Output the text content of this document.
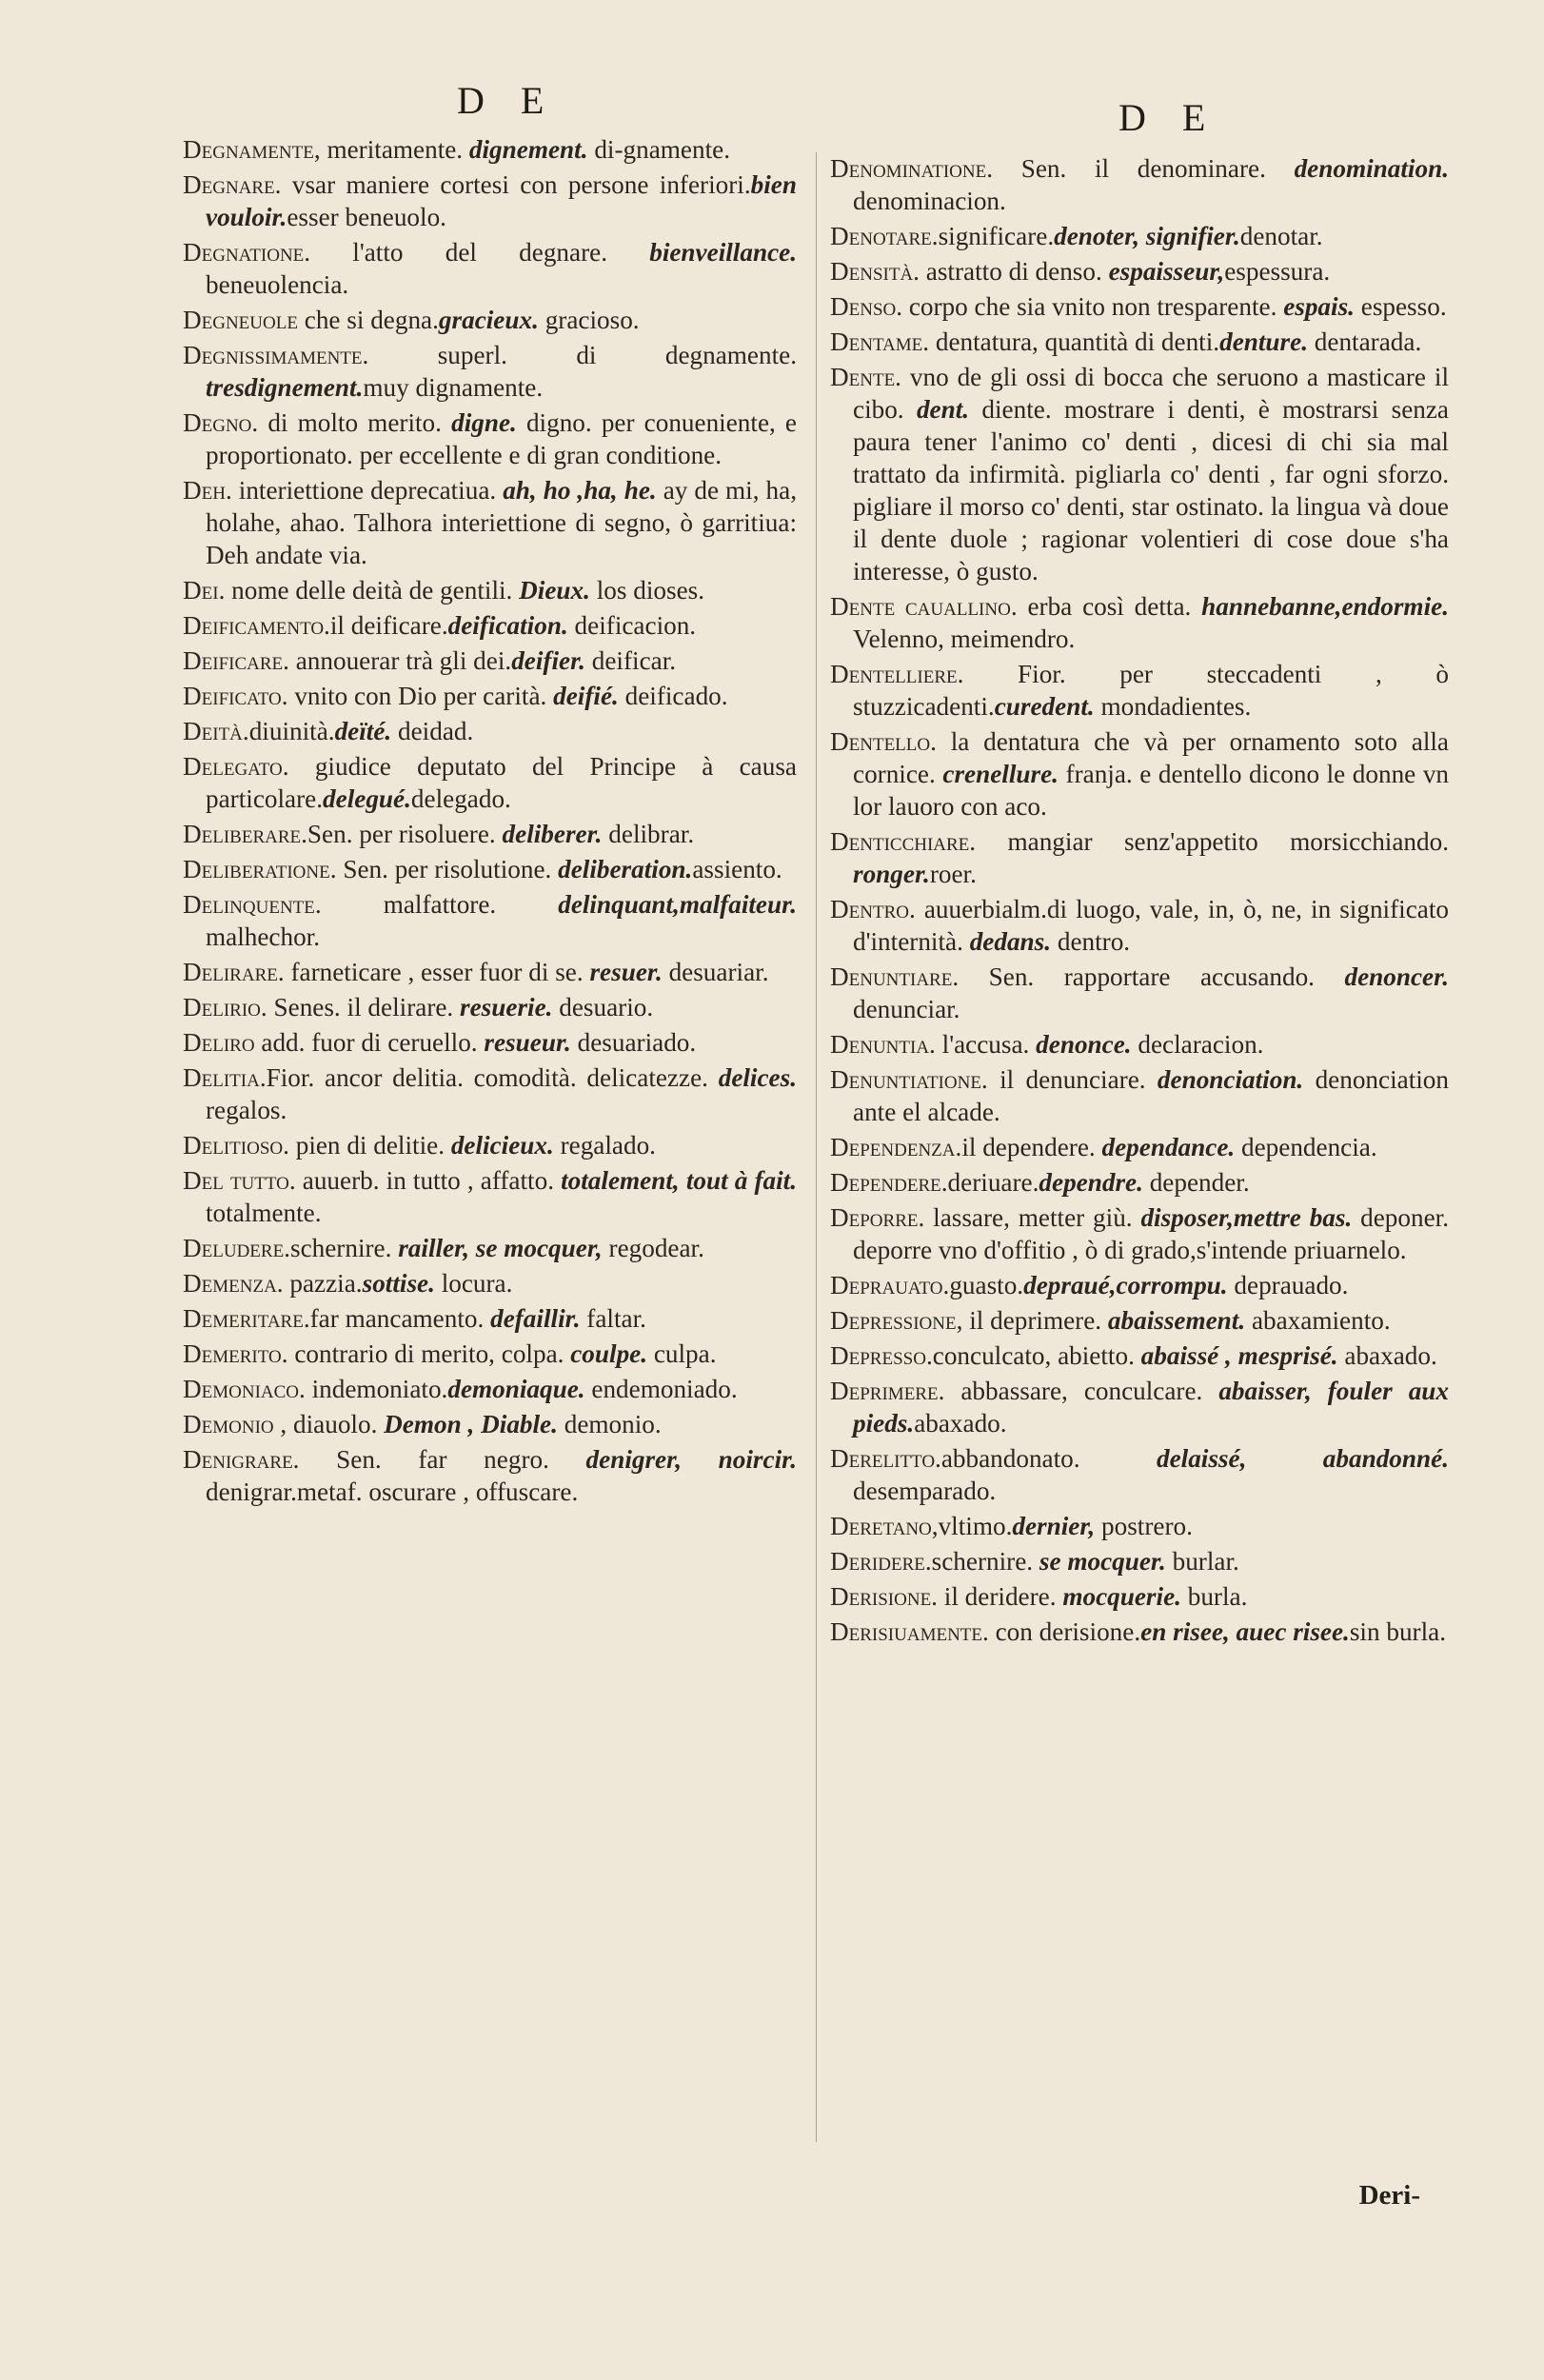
D E	D E

Degnamente, meritamente. dignement. di-gnamente.

Degnare. vsar maniere cortesi con persone inferiori.bien vouloir.esser beneuolo.

Degnatione. l'atto del degnare. bienveillance. beneuolencia.

Degneuole che si degna.gracieux. gracioso.

Degnissimamente. superl. di degnamente. tresdignement.muy dignamente.

Degno. di molto merito. digne. digno. per conueniente, e proportionato. per eccellente e di gran conditione.

Deh. interiettione deprecatiua. ah, ho ,ha, he. ay de mi, ha, holahe, ahao. Talhora interiettione di segno, ò garritiua: Deh andate via.

Dei. nome delle deità de gentili. Dieux. los dioses.

Deificamento.il deificare.deification. deificacion.

Deificare. annouerar trà gli dei.deifier. deificar.

Deificato. vnito con Dio per carità. deifié. deificado.

Deità.diuinità.deïté. deidad.

Delegato. giudice deputato del Principe à causa particolare.delegué.delegado.

Deliberare.Sen. per risoluere. deliberer. delibrar.

Deliberatione. Sen. per risolutione. deliberation.assiento.

Delinquente. malfattore. delinquant,malfaiteur. malhechor.

Delirare. farneticare , esser fuor di se. resuer. desuariar.

Delirio. Senes. il delirare. resuerie. desuario.

Deliro add. fuor di ceruello. resueur. desuariado.

Delitia.Fior. ancor delitia. comodità. delicatezze. delices. regalos.

Delitioso. pien di delitie. delicieux. regalado.

Del tutto. auuerb. in tutto , affatto. totalement, tout à fait. totalmente.

Deludere.schernire. railler, se mocquer, regodear.

Demenza. pazzia.sottise. locura.

Demeritare.far mancamento. defaillir. faltar.

Demerito. contrario di merito, colpa. coulpe. culpa.

Demoniaco. indemoniato.demoniaque. endemoniado.

Demonio , diauolo. Demon , Diable. demonio.

Denigrare. Sen. far negro. denigrer, noircir. denigrar.metaf. oscurare , offuscare.

Denominatione. Sen. il denominare. denomination. denominacion.

Denotare.significare.denoter, signifier.denotar.

Densità. astratto di denso. espaisseur,espessura.

Denso. corpo che sia vnito non tresparente. espais. espesso.

Dentame. dentatura, quantità di denti.denture. dentarada.

Dente. vno de gli ossi di bocca che seruono a masticare il cibo. dent. diente. mostrare i denti, è mostrarsi senza paura tener l'animo co' denti , dicesi di chi sia mal trattato da infirmità. pigliarla co' denti , far ogni sforzo. pigliare il morso co' denti, star ostinato. la lingua và doue il dente duole ; ragionar volentieri di cose doue s'ha interesse, ò gusto.

Dente cauallino. erba così detta. hannebanne,endormie. Velenno, meimendro.

Dentelliere. Fior. per steccadenti , ò stuzzicadenti.curedent. mondadientes.

Dentello. la dentatura che và per ornamento soto alla cornice. crenellure. franja. e dentello dicono le donne vn lor lauoro con aco.

Denticchiare. mangiar senz'appetito morsicchiando. ronger.roer.

Dentro. auuerbialm.di luogo, vale, in, ò, ne, in significato d'internità. dedans. dentro.

Denuntiare. Sen. rapportare accusando. denoncer. denunciar.

Denuntia. l'accusa. denonce. declaracion.

Denuntiatione. il denunciare. denonciation. denonciation ante el alcade.

Dependenza.il dependere. dependance. dependencia.

Dependere.deriuare.dependre. depender.

Deporre. lassare, metter giù. disposer,mettre bas. deponer. deporre vno d'offitio , ò di grado,s'intende priuarnelo.

Deprauato.guasto.depraué,corrompu. deprauado.

Depressione, il deprimere. abaissement. abaxamiento.

Depresso.conculcato, abietto. abaissé , mesprisé. abaxado.

Deprimere. abbassare, conculcare. abaisser, fouler aux pieds.abaxado.

Derelitto.abbandonato. delaissé, abandonné. desemparado.

Deretano,vltimo.dernier, postrero.

Deridere.schernire. se mocquer. burlar.

Derisione. il deridere. mocquerie. burla.

Derisiuamente. con derisione.en risee, auec risee.sin burla.

Deri-
